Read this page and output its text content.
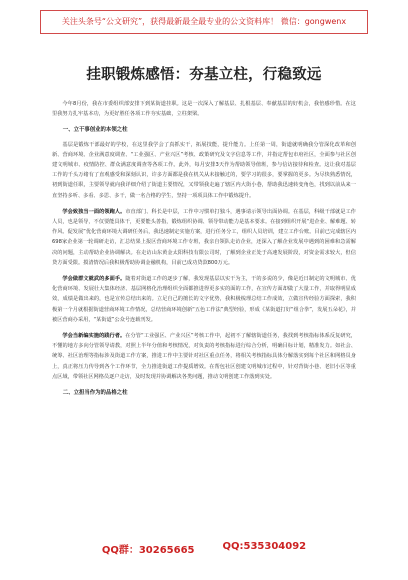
关注头条号“公文研究”，获得最新最全最专业的公文资料库！ 微信：gongwenx
挂职锻炼感悟：夯基立柱，行稳致远

今年8月份，我在市委组织部安排下到某街道挂职。这是一次深入了解基层、扎根基层、奉献基层的好机会，我倍感珍惜。在这里我努力扎牢基本功，为更好胜任各项工作夯实基础，立柱架梁。

一、立干事创业的本领之柱

基层是锻炼干部最好的学校，在这里我学会了真抓实干，拓展技能，提升能力。上任第一周，街道就明确我分管深化改革和创新、营商环境、企业满意度调查、“工业强区、产业兴区”考核、政策研究及文字信息等工作，并指定帮包市府社区，全面参与社区创建文明城市、疫情防控、群众满意度调查等各项工作。此外，每月安排3天作为帮助领导值班，参与信访接待和检查。这让我对基层工作的千头万绪有了直观感受和深刻认识，许多方面都是我在机关从未接触过的，要学习的很多，要掌握的更多。为尽快熟悉情况，初到街道任职，主要领导就向我详细介绍了街道主要情况，又带领我走遍了辖区内大街小巷，帮助我迅速转变角色，找到以前从来一直坚持多听、多看、多思、多干，做一名合格的学生，坚持一项项具体工作中锻炼提升。

学会致独当一面的领跑人。市直部门、科长是中层，工作中习惯单打独斗，遇事请示领导出面协调。在基层，科级干部就是工作人员，也是领导，不仅要能具体干，更要能头善指，锻炼组织协调、领导带动能力是基本要求。在接到组织开展“进企业、解难题、转作风、促发展”优化营商环境大调研任务后，我迅速制定实施方案，进行任务分工，组织人员培训，建立工作台账。目前已完成辖区内698家企业第一轮调研走访，汇总结果上报区营商环境工作专班，我亲自领队走访企业，还深入了解企业发展中遇到的困难和急需解决的问题，主动帮助企业协调解决。在走访山东黄金太阳科技有限公司时，了解到企业正处于高速发展阶段，对资金需求较大，但信贷方面受限。摸清情况后我积极帮助协调金融机构，目前已成功贷款800万元。

学会做群文就武的多面手。随着对街道工作的逐步了解，我发现基层以实干为主，干的多说的少，像是近日制定的文明城市、优化营商环境、发展壮大集体经济、基层网格化治理组织全面都推进得更多实的面的工作，在宣传方面却做了大量工作，并取得明显成效，成绩是做出来的，也是宣传总结出来的。立足自己的擅长的文字优势，我积极梳理总结工作成效，立做宣传经验方面探索，我积极第一个月就根据街道营商环境工作情况，总结营商环境创新“五色工作法”典型经验，形成《某街道打好“组合拳”，发展五朵花》，并被区营商办采用，“某街道”公众号连载刊发。

学会当新编实施的践行者。在分管“工业强区、产业兴区”考核工作中，起初不了解辖街道任务，我找到考核指标体系反复研究，不懂的地方多向分管领导请教，对照上半年分值和考核情况，对负责的考核指标进行综合分析，明确目标计划，精准发力。如社会、统筹、社区治理等指标涉及街道工作方案，推进工作中主要针对社区重点任务，将相关考核指标具体分解落实到每个社区和网格员身上，真正将压力传导到各个工作环节，全力推进街道工作提质增效。在帮包社区创建文明城市过程中，针对背街小巷、老旧小区等重点区域，带领社区网格员逐户走访，及时发现并协调解决各类问题，推动文明创建工作落到实处。

二、立担当作为的品格之柱

QQ群：30265665	QQ:535304092
